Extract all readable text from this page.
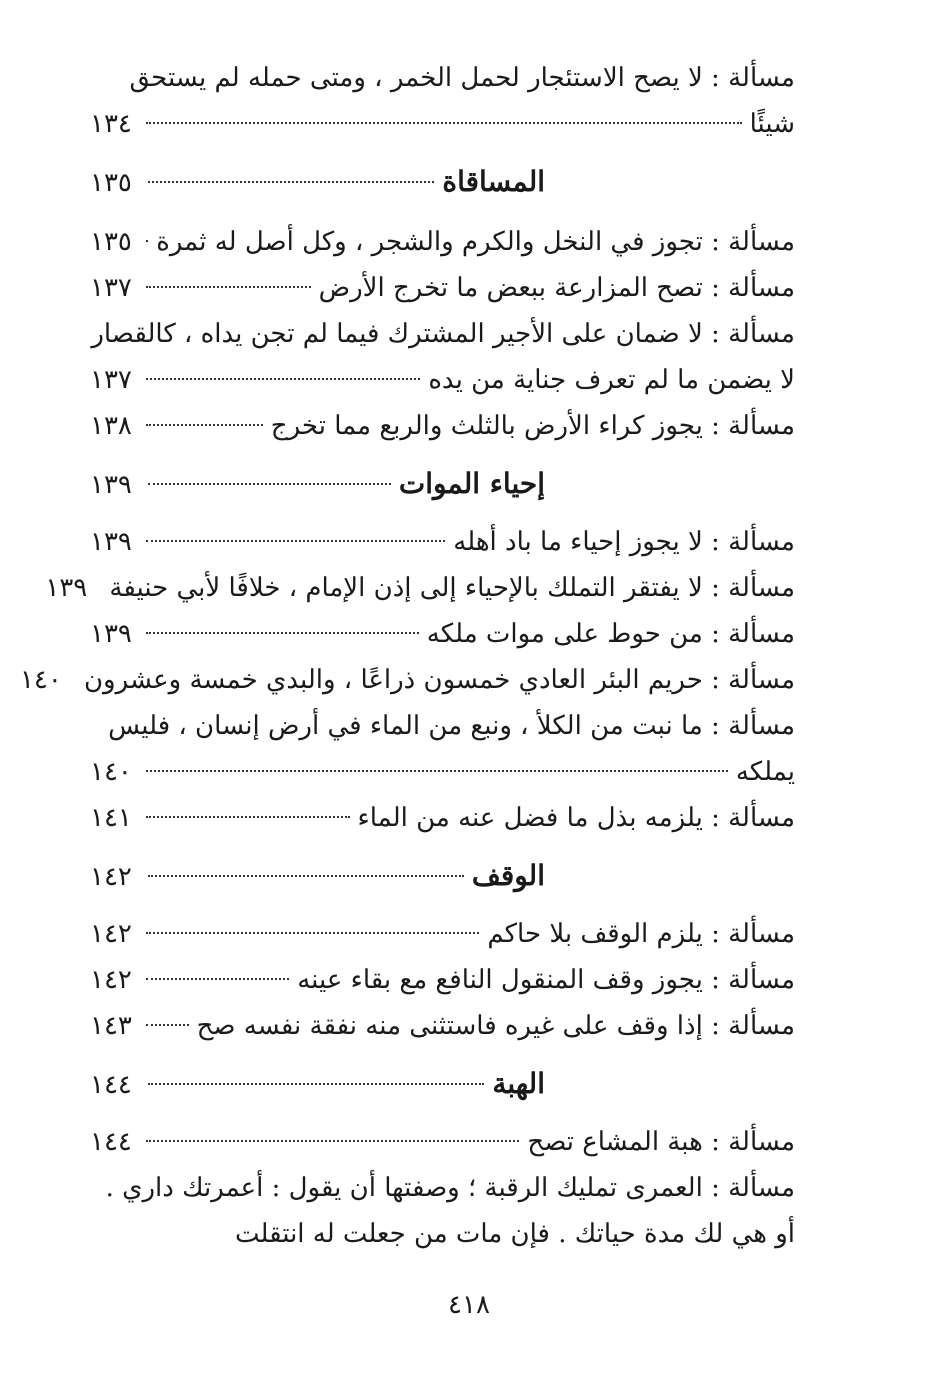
مسألة : لا يصح الاستئجار لحمل الخمر ، ومتى حمله لم يستحق
شيئًا
١٣٤
المساقاة
١٣٥
مسألة : تجوز في النخل والكرم والشجر ، وكل أصل له ثمرة
١٣٥
مسألة : تصح المزارعة ببعض ما تخرج الأرض
١٣٧
مسألة : لا ضمان على الأجير المشترك فيما لم تجن يداه ، كالقصار
لا يضمن ما لم تعرف جناية من يده
١٣٧
مسألة : يجوز كراء الأرض بالثلث والربع مما تخرج
١٣٨
إحياء الموات
١٣٩
مسألة : لا يجوز إحياء ما باد أهله
١٣٩
مسألة : لا يفتقر التملك بالإحياء إلى إذن الإمام ، خلافًا لأبي حنيفة
١٣٩
مسألة : من حوط على موات ملكه
١٣٩
مسألة : حريم البئر العادي خمسون ذراعًا ، والبدي خمسة وعشرون
١٤٠
مسألة : ما نبت من الكلأ ، ونبع من الماء في أرض إنسان ، فليس
يملكه
١٤٠
مسألة : يلزمه بذل ما فضل عنه من الماء
١٤١
الوقف
١٤٢
مسألة : يلزم الوقف بلا حاكم
١٤٢
مسألة : يجوز وقف المنقول النافع مع بقاء عينه
١٤٢
مسألة : إذا وقف على غيره فاستثنى منه نفقة نفسه صح
١٤٣
الهبة
١٤٤
مسألة : هبة المشاع تصح
١٤٤
مسألة : العمرى تمليك الرقبة ؛ وصفتها أن يقول : أعمرتك داري .
أو هي لك مدة حياتك . فإن مات من جعلت له انتقلت
٤١٨
